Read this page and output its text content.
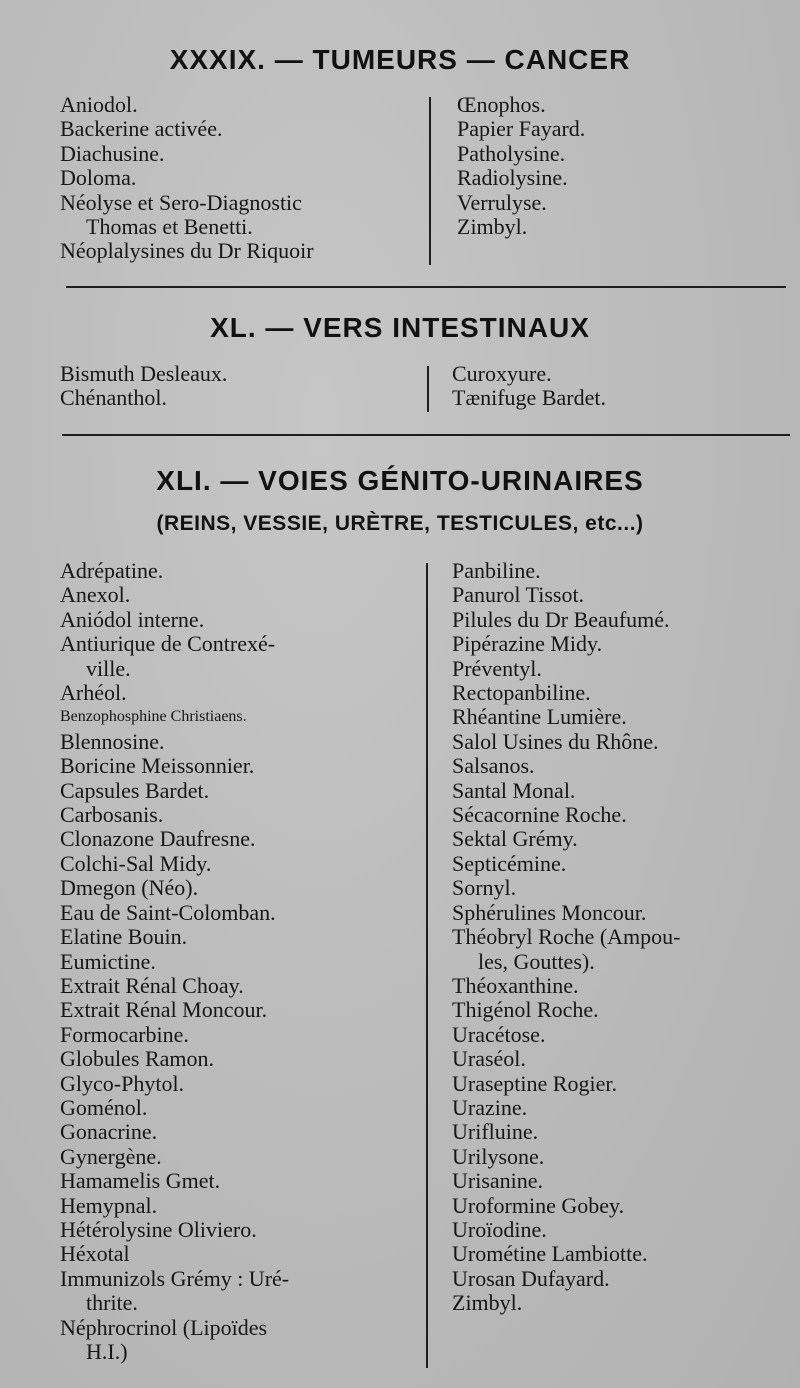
XXXIX. — TUMEURS — CANCER
Aniodol.
Backerine activée.
Diachusine.
Doloma.
Néolyse et Sero-Diagnostic
Thomas et Benetti.
Néoplalysines du Dr Riquoir
Œnophos.
Papier Fayard.
Patholysine.
Radiolysine.
Verrulyse.
Zimbyl.
XL. — VERS INTESTINAUX
Bismuth Desleaux.
Chénanthol.
Curoxyure.
Tænifuge Bardet.
XLI. — VOIES GÉNITO-URINAIRES
(REINS, VESSIE, URÈTRE, TESTICULES, etc...)
Adrépatine.
Anexol.
Aniódol interne.
Antiurique de Contrexé-
ville.
Arhéol.
Benzophosphine Christiaens.
Blennosine.
Boricine Meissonnier.
Capsules Bardet.
Carbosanis.
Clonazone Daufresne.
Colchi-Sal Midy.
Dmegon (Néo).
Eau de Saint-Colomban.
Elatine Bouin.
Eumictine.
Extrait Rénal Choay.
Extrait Rénal Moncour.
Formocarbine.
Globules Ramon.
Glyco-Phytol.
Goménol.
Gonacrine.
Gynergène.
Hamamelis Gmet.
Hemypnal.
Hétérolysine Oliviero.
Héxotal
Immunizols Grémy : Uré-
thrite.
Néphrocrinol (Lipoïdes
H.I.)
Panbiline.
Panurol Tissot.
Pilules du Dr Beaufumé.
Pipérazine Midy.
Préventyl.
Rectopanbiline.
Rhéantine Lumière.
Salol Usines du Rhône.
Salsanos.
Santal Monal.
Sécacornine Roche.
Sektal Grémy.
Septicémine.
Sornyl.
Sphérulines Moncour.
Théobryl Roche (Ampou-
les, Gouttes).
Théoxanthine.
Thigénol Roche.
Uracétose.
Uraséol.
Uraseptine Rogier.
Urazine.
Urifluine.
Urilysone.
Urisanine.
Uroformine Gobey.
Uroïodine.
Urométine Lambiotte.
Urosan Dufayard.
Zimbyl.
